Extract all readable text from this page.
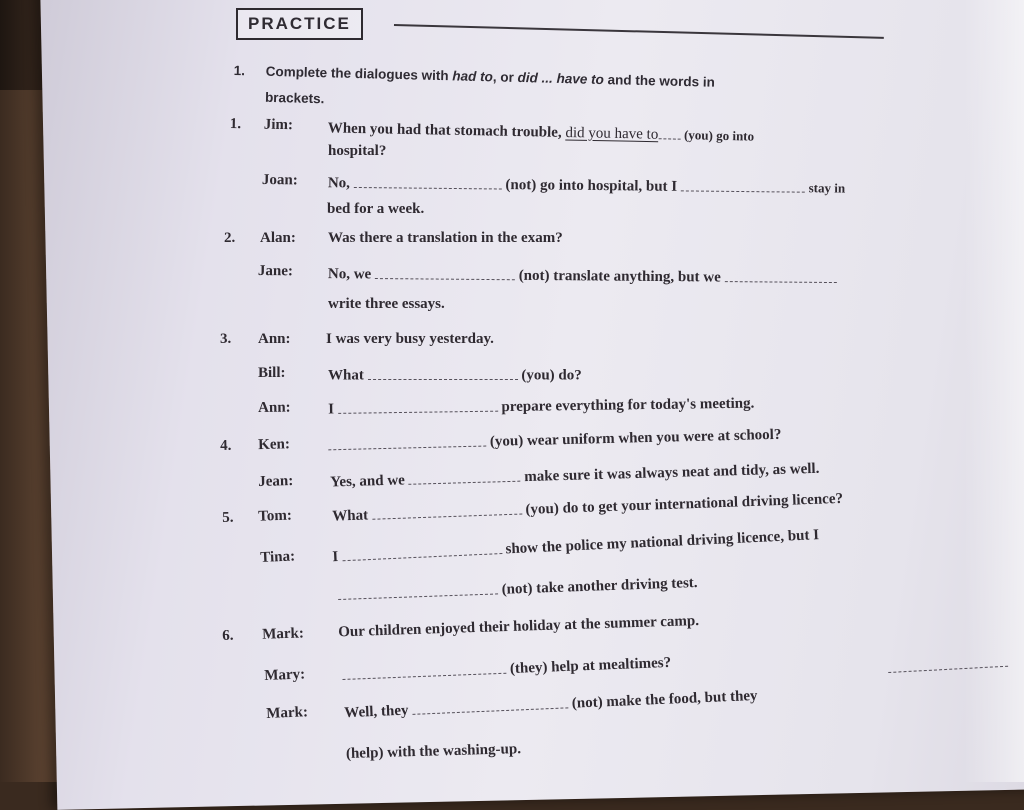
PRACTICE
1. Complete the dialogues with had to, or did ... have to and the words in
brackets.
1. Jim: When you had that stomach trouble, did you have to (you) go into
hospital?
Joan: No,	(not) go into hospital, but I	stay in
bed for a week.
2. Alan: Was there a translation in the exam?
Jane: No, we	(not) translate anything, but we
write three essays.
3. Ann: I was very busy yesterday.
Bill:	What	(you) do?
Ann: I	prepare everything for today's meeting.
4. Ken:	(you) wear uniform when you were at school?
Jean: Yes, and we	make sure it was always neat and tidy, as well.
5. Tom:	What	(you) do to get your international driving licence?
Tina: I	show the police my national driving licence, but I
(not) take another driving test.
6. Mark: Our children enjoyed their holiday at the summer camp.
Mary:	(they) help at mealtimes?
Mark: Well, they  (not) make the food, but they
(help) with the washing-up.
